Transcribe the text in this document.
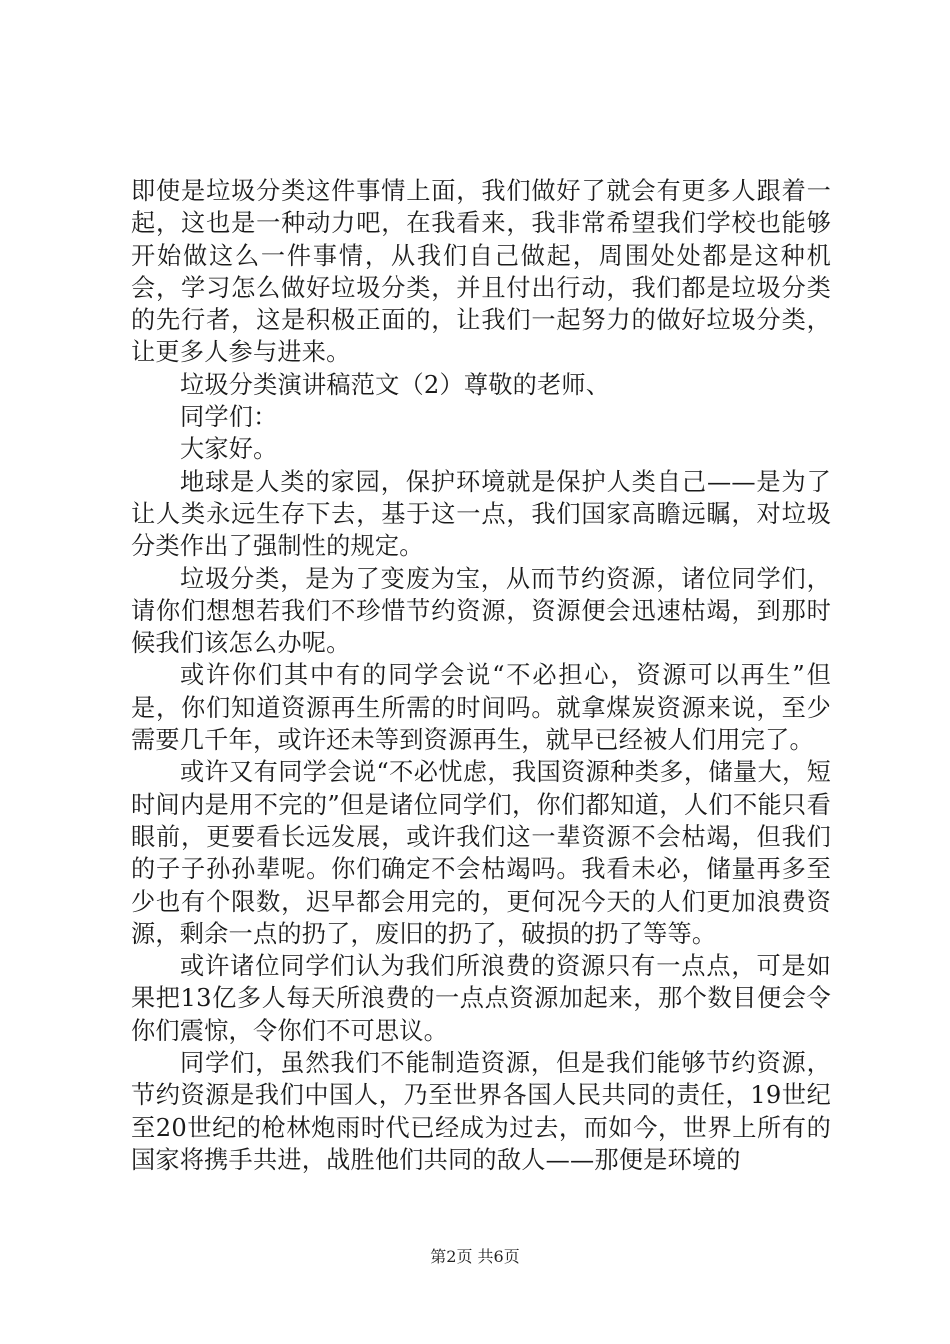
即使是垃圾分类这件事情上面，我们做好了就会有更多人跟着一起，这也是一种动力吧，在我看来，我非常希望我们学校也能够开始做这么一件事情，从我们自己做起，周围处处都是这种机会，学习怎么做好垃圾分类，并且付出行动，我们都是垃圾分类的先行者，这是积极正面的，让我们一起努力的做好垃圾分类，让更多人参与进来。

垃圾分类演讲稿范文（2）尊敬的老师、

同学们：

大家好。

地球是人类的家园，保护环境就是保护人类自己——是为了让人类永远生存下去，基于这一点，我们国家高瞻远瞩，对垃圾分类作出了强制性的规定。

垃圾分类，是为了变废为宝，从而节约资源，诸位同学们，请你们想想若我们不珍惜节约资源，资源便会迅速枯竭，到那时候我们该怎么办呢。

或许你们其中有的同学会说“不必担心，资源可以再生”但是，你们知道资源再生所需的时间吗。就拿煤炭资源来说，至少需要几千年，或许还未等到资源再生，就早已经被人们用完了。

或许又有同学会说“不必忧虑，我国资源种类多，储量大，短时间内是用不完的”但是诸位同学们，你们都知道，人们不能只看眼前，更要看长远发展，或许我们这一辈资源不会枯竭，但我们的子子孙孙辈呢。你们确定不会枯竭吗。我看未必，储量再多至少也有个限数，迟早都会用完的，更何况今天的人们更加浪费资源，剩余一点的扔了，废旧的扔了，破损的扔了等等。

或许诸位同学们认为我们所浪费的资源只有一点点，可是如果把13亿多人每天所浪费的一点点资源加起来，那个数目便会令你们震惊，令你们不可思议。

同学们，虽然我们不能制造资源，但是我们能够节约资源，节约资源是我们中国人，乃至世界各国人民共同的责任，19世纪至20世纪的枪林炮雨时代已经成为过去，而如今，世界上所有的国家将携手共进，战胜他们共同的敌人——那便是环境的

第2页 共6页
